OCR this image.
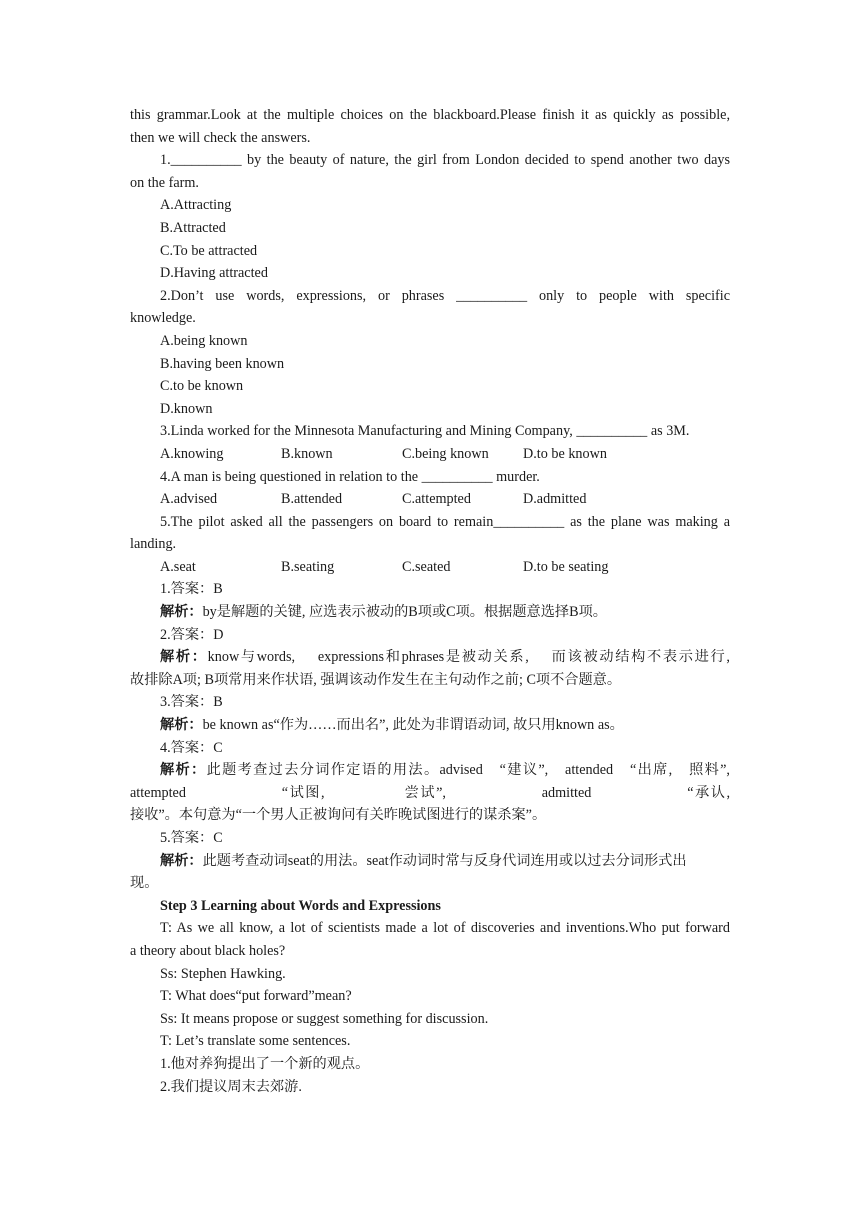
this grammar.Look at the multiple choices on the blackboard.Please finish it as quickly as possible,

then we will check the answers.

1.__________ by the beauty of nature, the girl from London decided to spend another two days

on the farm.

A.Attracting

B.Attracted

C.To be attracted

D.Having attracted

2.Don’t use words, expressions, or phrases __________ only to people with specific

knowledge.

A.being known

B.having been known

C.to be known

D.known

3.Linda worked for the Minnesota Manufacturing and Mining Company, __________ as 3M.

A.knowing	B.known	C.being known D.to be known

4.A man is being questioned in relation to the __________ murder.

A.advised	B.attended	C.attempted	D.admitted

5.The pilot asked all the passengers on board to remain__________ as the plane was making a

landing.

A.seat	B.seating	C.seated	D.to be seating

1.答案：B

解析：by是解题的关键, 应选表示被动的B项或C项。根据题意选择B项。

2.答案：D

解析：know与words,　 expressions和phrases是被动关系,　 而该被动结构不表示进行,

故排除A项; B项常用来作状语, 强调该动作发生在主句动作之前; C项不合题意。

3.答案：B

解析：be known as“作为……而出名”, 此处为非谓语动词, 故只用known as。

4.答案：C

解析：此题考查过去分词作定语的用法。advised　“建议”,　attended　“出席,　照料”,

attempted　　　　　　“试图,　　　　　尝试”,　　　　　　admitted　　　　　　“承认,

接收”。本句意为“一个男人正被询问有关昨晚试图进行的谋杀案”。

5.答案：C

解析：此题考查动词seat的用法。seat作动词时常与反身代词连用或以过去分词形式出

现。

Step 3 Learning about Words and Expressions

T: As we all know, a lot of scientists made a lot of discoveries and inventions.Who put forward

a theory about black holes?

Ss: Stephen Hawking.

T: What does“put forward”mean?

Ss: It means propose or suggest something for discussion.

T: Let’s translate some sentences.

1.他对养狗提出了一个新的观点。

2.我们提议周末去郊游.
